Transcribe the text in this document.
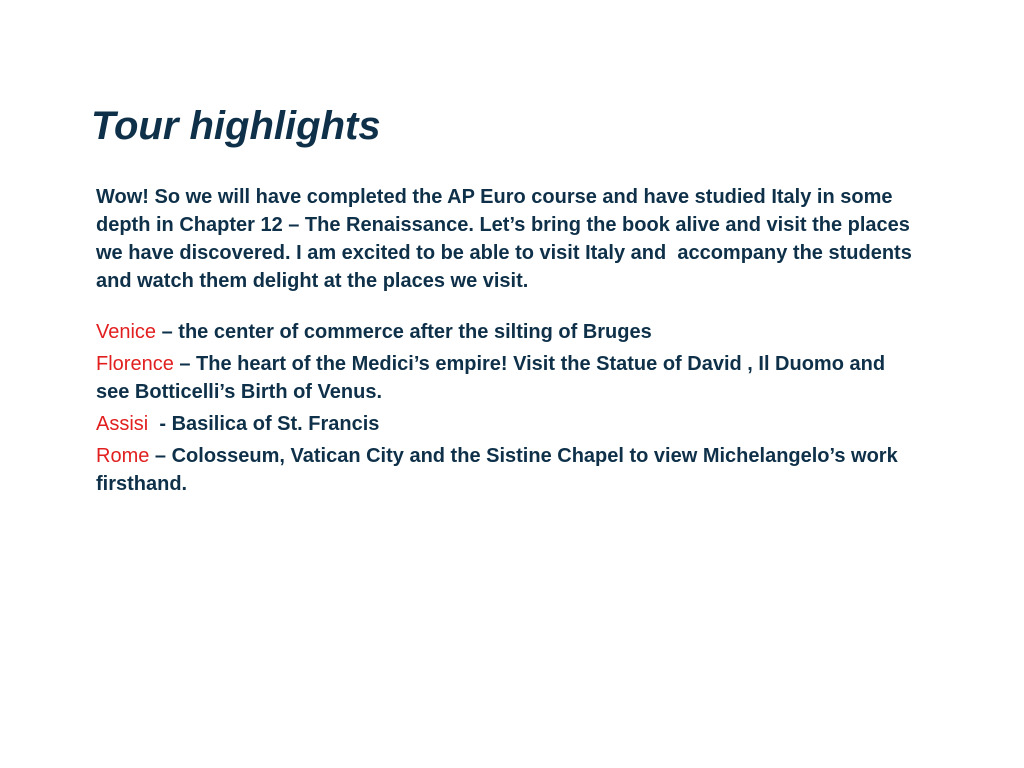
Tour highlights

Wow! So we will have completed the AP Euro course and have studied Italy in some depth in Chapter 12 – The Renaissance. Let’s bring the book alive and visit the places we have discovered. I am excited to be able to visit Italy and  accompany the students and watch them delight at the places we visit.

Venice – the center of commerce after the silting of Bruges

Florence – The heart of the Medici’s empire! Visit the Statue of David , Il Duomo and see Botticelli’s Birth of Venus.

Assisi  - Basilica of St. Francis

Rome – Colosseum, Vatican City and the Sistine Chapel to view Michelangelo’s work firsthand.
